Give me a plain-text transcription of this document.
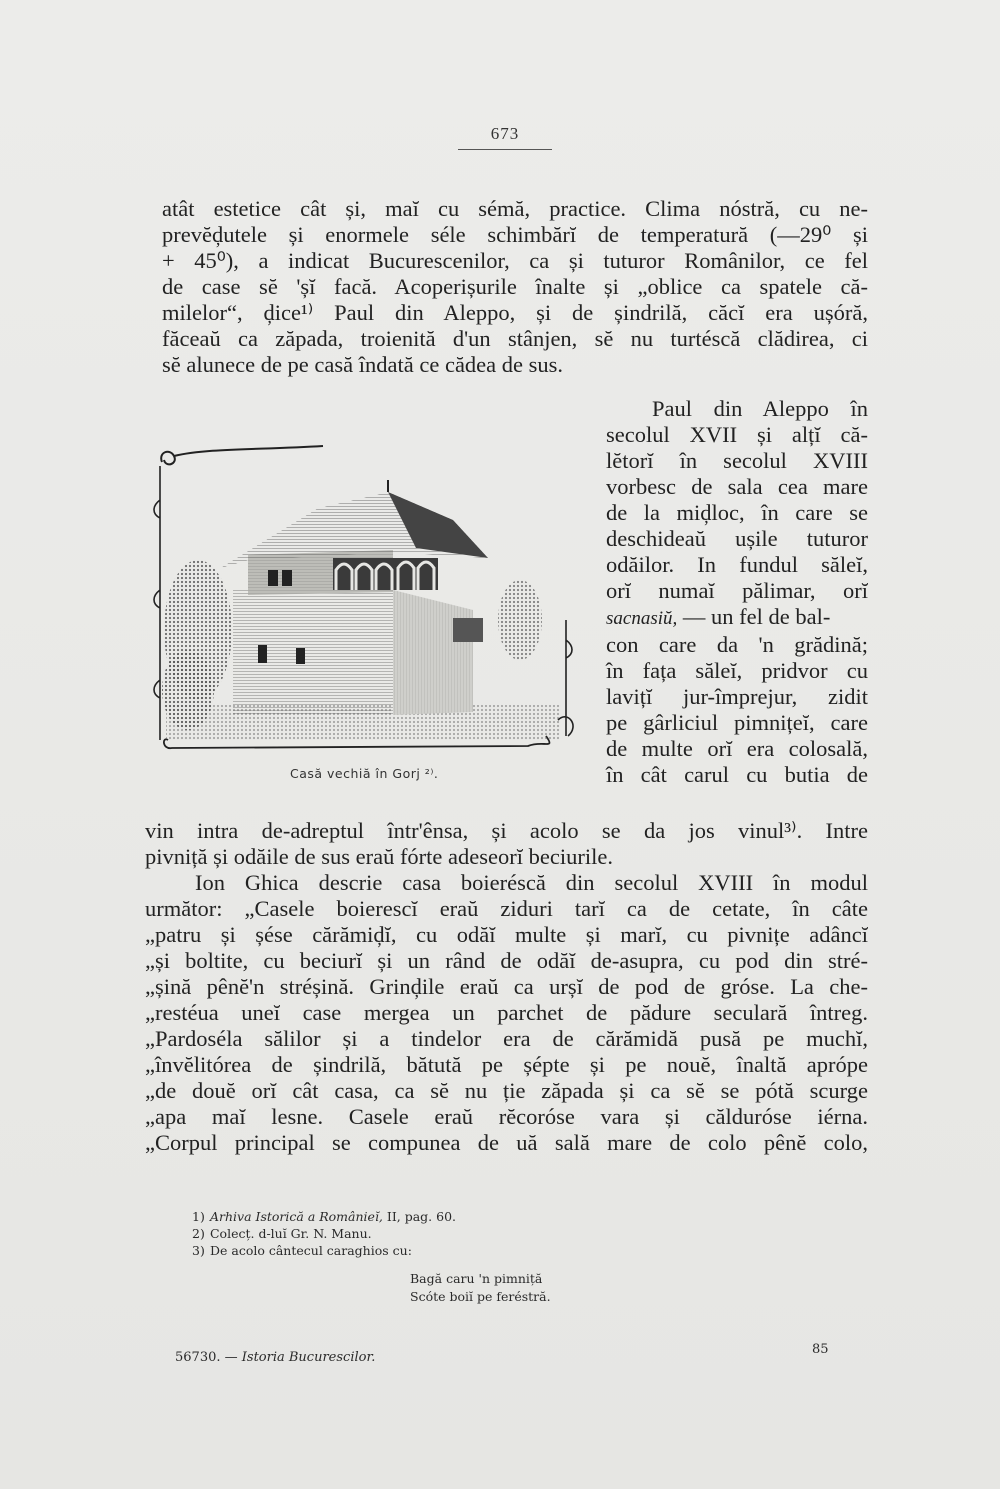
673
atât estetice cât și, maĭ cu sémă, practice. Clima nóstră, cu ne-
prevĕḑutele și enormele séle schimbărĭ de temperatură (—29⁰ și
+ 45⁰), a indicat Bucurescenilor, ca și tuturor Românilor, ce fel
de case sĕ 'șĭ facă. Acoperișurile înalte și „oblice ca spatele că-
milelor“, ḑice¹⁾ Paul din Aleppo, și de șindrilă, căcĭ era ușóră,
făceaŭ ca zăpada, troienită d'un stânjen, sĕ nu turtéscă clădirea, ci
sĕ alunece de pe casă îndată ce cădea de sus.
Paul din Aleppo în
secolul XVII și alțĭ că-
lĕtorĭ în secolul XVIII
vorbesc de sala cea mare
de la miḑloc, în care se
deschideaŭ ușile tuturor
odăilor. In fundul săleĭ,
orĭ numaĭ pălimar, orĭ
sacnasiŭ, — un fel de bal-
con care da 'n grădină;
în fața săleĭ, pridvor cu
lavițĭ jur-împrejur, zidit
pe gârliciul pimnițeĭ, care
de multe orĭ era colosală,
în cât carul cu butia de
Casă vechiă în Gorj ²⁾.
vin intra de-adreptul într'ênsa, și acolo se da jos vinul³⁾. Intre
pivniță și odăile de sus eraŭ fórte adeseorĭ beciurile.
Ion Ghica descrie casa boieréscă din secolul XVIII în modul
următor: „Casele boierescĭ eraŭ ziduri tarĭ ca de cetate, în câte
„patru și șése cărămiḑĭ, cu odăĭ multe și marĭ, cu pivnițe adâncĭ
„și boltite, cu beciurĭ și un rând de odăĭ de-asupra, cu pod din stré-
„șină pênĕ'n stréșină. Grinḑile eraŭ ca urșĭ de pod de gróse. La che-
„restéua uneĭ case mergea un parchet de pădure seculară întreg.
„Pardoséla sălilor și a tindelor era de cărămidă pusă pe muchĭ,
„învĕlitórea de șindrilă, bătută pe șépte și pe nouĕ, înaltă aprópe
„de douĕ orĭ cât casa, ca sĕ nu ție zăpada și ca sĕ se pótă scurge
„apa maĭ lesne. Casele eraŭ rĕcoróse vara și călduróse iérna.
„Corpul principal se compunea de uă sală mare de colo pênĕ colo,
1) Arhiva Istorică a Românieĭ, II, pag. 60.
2) Colecț. d-luĭ Gr. N. Manu.
3) De acolo cântecul caraghios cu:
Bagă caru 'n pimniță
Scóte boiĭ pe feréstră.
56730. — Istoria Bucurescilor.
85
